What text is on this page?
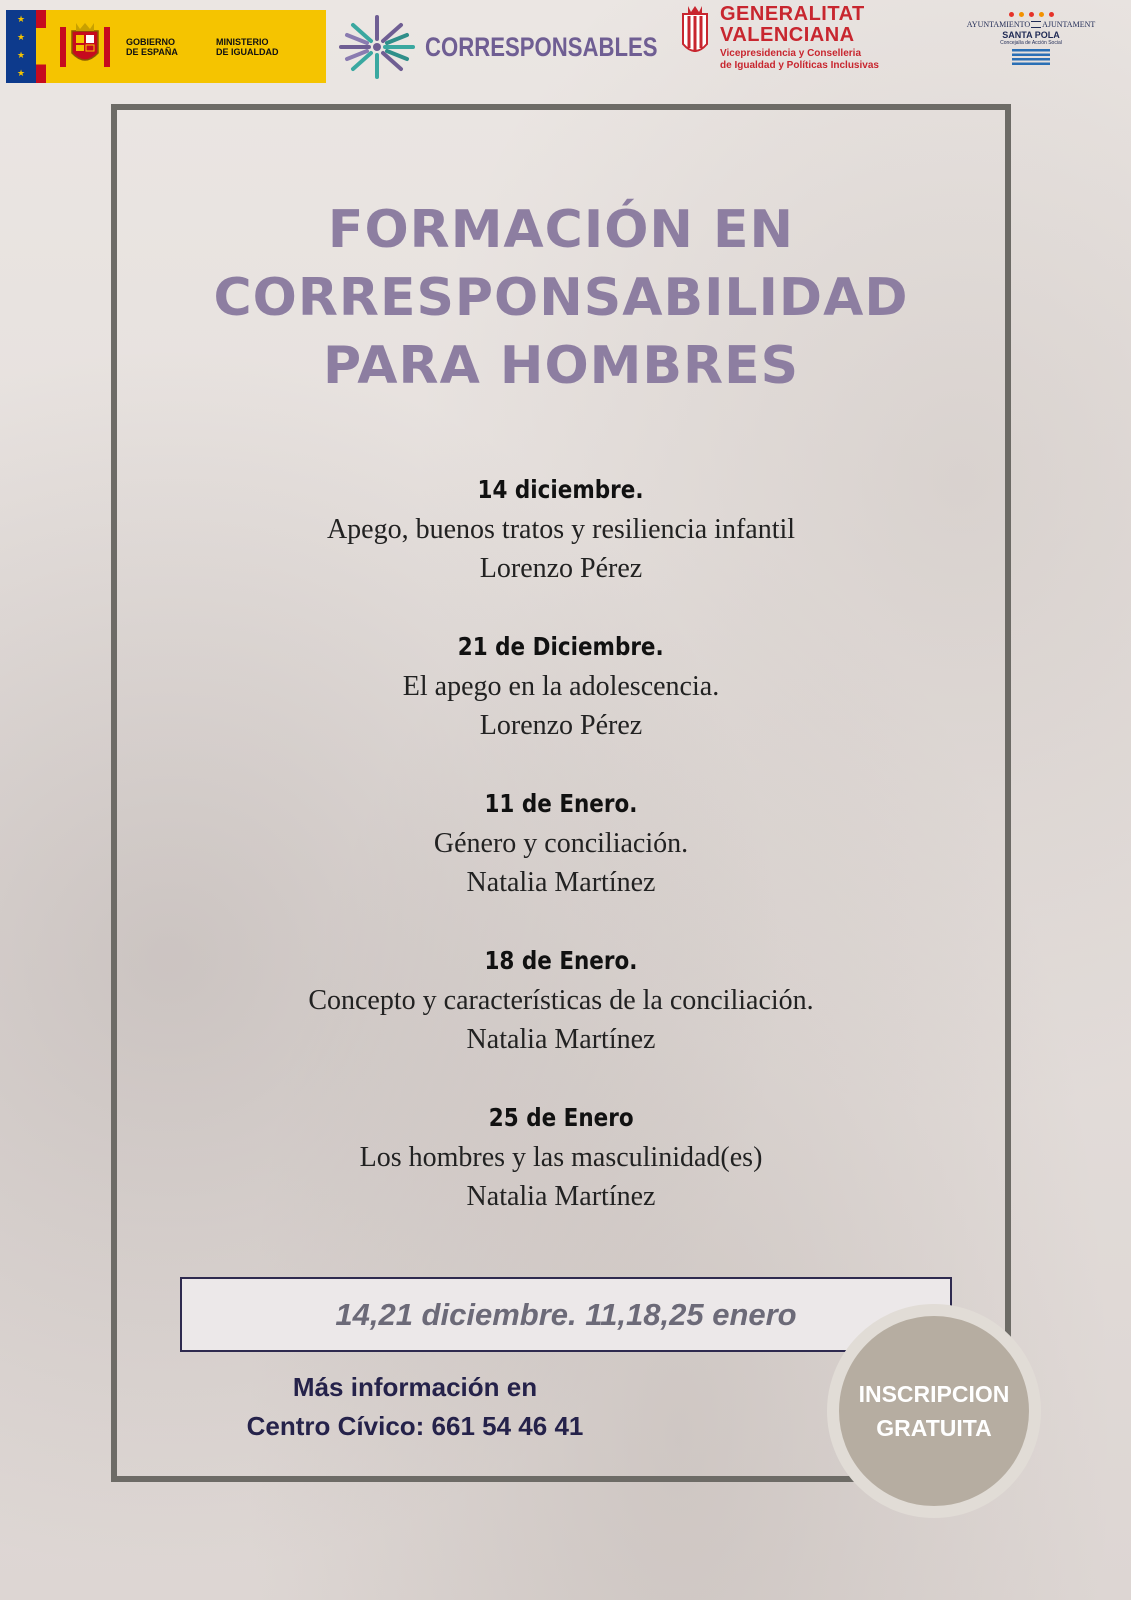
★
★
★
★
GOBIERNO
DE ESPAÑA
MINISTERIO
DE IGUALDAD	CORRESPONSABLES
GENERALITAT
VALENCIANA
Vicepresidencia y Conselleria
de Igualdad y Políticas Inclusivas
AYUNTAMIENTO AJUNTAMENT
SANTA POLA
Concejalía de Acción Social
FORMACIÓN EN
CORRESPONSABILIDAD
PARA HOMBRES
14 diciembre.
Apego, buenos tratos y resiliencia infantil
Lorenzo Pérez
21 de Diciembre.
El apego en la adolescencia.
Lorenzo Pérez
11 de Enero.
Género y conciliación.
Natalia Martínez
18 de Enero.
Concepto y características de la conciliación.
Natalia Martínez
25 de Enero
Los hombres y las masculinidad(es)
Natalia Martínez
14,21 diciembre. 11,18,25 enero
Más información en
Centro Cívico: 661 54 46 41
INSCRIPCION
GRATUITA
